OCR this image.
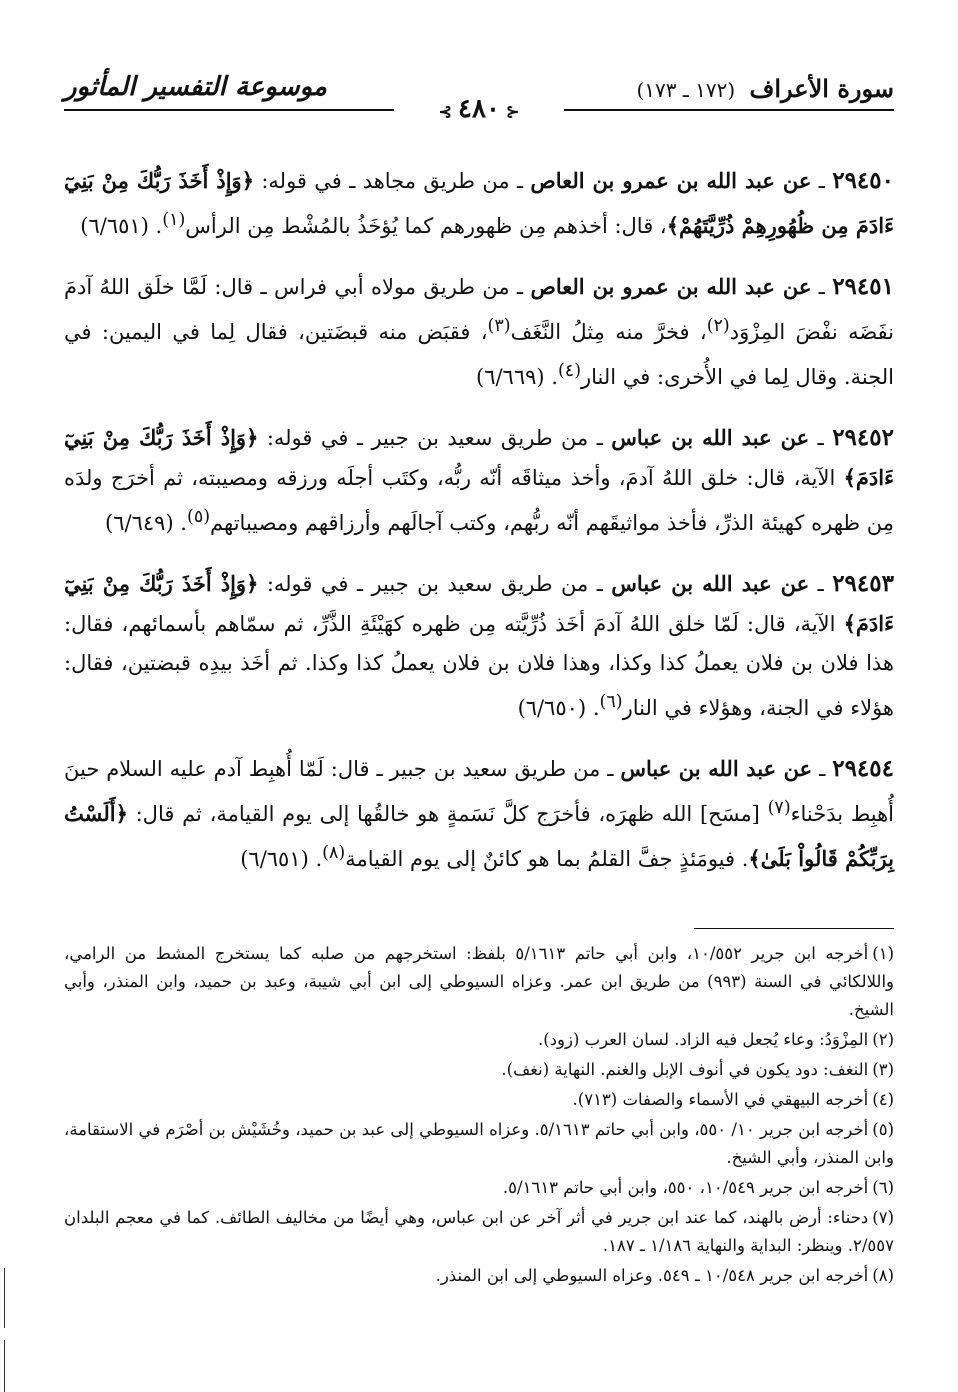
سورة الأعراف (١٧٢ ـ ١٧٣)
⊰٤٨٠⊱
موسوعة التفسير المأثور

٢٩٤٥٠ ـ عن عبد الله بن عمرو بن العاص ـ من طريق مجاهد ـ في قوله: ﴿وَإِذْ أَخَذَ رَبُّكَ مِنْ بَنِيٓ ءَادَمَ مِن ظُهُورِهِمْ ذُرِّيَّتَهُمْ﴾، قال: أخذهم مِن ظهورهم كما يُؤخَذُ بالمُشْط مِن الرأس$^{(١)}$. (٦/٦٥١)

٢٩٤٥١ ـ عن عبد الله بن عمرو بن العاص ـ من طريق مولاه أبي فراس ـ قال: لَمَّا خلَق اللهُ آدمَ نفَضَه نفْضَ المِزْوَد$^{(٢)}$، فخرَّ منه مِثلُ النَّغَف$^{(٣)}$، فقبَض منه قبضَتين، فقال لِما في اليمين: في الجنة. وقال لِما في الأُخرى: في النار$^{(٤)}$. (٦/٦٦٩)

٢٩٤٥٢ ـ عن عبد الله بن عباس ـ من طريق سعيد بن جبير ـ في قوله: ﴿وَإِذْ أَخَذَ رَبُّكَ مِنْ بَنِيٓ ءَادَمَ﴾ الآية، قال: خلق اللهُ آدمَ، وأخذ ميثاقَه أنّه ربُّه، وكتَب أجلَه ورزقه ومصيبته، ثم أخرَج ولدَه مِن ظهره كهيئة الذرِّ، فأخذ مواثيقَهم أنّه ربُّهم، وكتب آجالَهم وأرزاقهم ومصيباتهم$^{(٥)}$. (٦/٦٤٩)

٢٩٤٥٣ ـ عن عبد الله بن عباس ـ من طريق سعيد بن جبير ـ في قوله: ﴿وَإِذْ أَخَذَ رَبُّكَ مِنْ بَنِيٓ ءَادَمَ﴾ الآية، قال: لَمّا خلق اللهُ آدمَ أخَذ ذُرِّيَّته مِن ظهره كهَيْئَةِ الذَّرِّ، ثم سمّاهم بأسمائهم، فقال: هذا فلان بن فلان يعملُ كذا وكذا، وهذا فلان بن فلان يعملُ كذا وكذا. ثم أخَذ بيدِه قبضتين، فقال: هؤلاء في الجنة، وهؤلاء في النار$^{(٦)}$. (٦/٦٥٠)

٢٩٤٥٤ ـ عن عبد الله بن عباس ـ من طريق سعيد بن جبير ـ قال: لَمّا أُهبِط آدم عليه السلام حينَ أُهبِط بدَحْناء$^{(٧)}$ [مسَح] الله ظهرَه، فأخرَج كلَّ نَسَمةٍ هو خالقُها إلى يوم القيامة، ثم قال: ﴿أَلَسْتُ بِرَبِّكُمْ قَالُواْ بَلَىٰ﴾. فيومَئذٍ جفَّ القلمُ بما هو كائنٌ إلى يوم القيامة$^{(٨)}$. (٦/٦٥١)

(١)أخرجه ابن جرير ١٠/٥٥٢، وابن أبي حاتم ٥/١٦١٣ بلفظ: استخرجهم من صلبه كما يستخرج المشط من الرامي، واللالكائي في السنة (٩٩٣) من طريق ابن عمر. وعزاه السيوطي إلى ابن أبي شيبة، وعبد بن حميد، وابن المنذر، وأبي الشيخ.

(٢)المِزْوَدُ: وعاء يُجعل فيه الزاد. لسان العرب (زود).

(٣)النغف: دود يكون في أنوف الإبل والغنم. النهاية (نغف).

(٤)أخرجه البيهقي في الأسماء والصفات (٧١٣).

(٥)أخرجه ابن جرير ١٠/ ٥٥٠، وابن أبي حاتم ٥/١٦١٣. وعزاه السيوطي إلى عبد بن حميد، وخُشَيْش بن أصْرَم في الاستقامة، وابن المنذر، وأبي الشيخ.

(٦)أخرجه ابن جرير ١٠/٥٤٩، ٥٥٠، وابن أبي حاتم ٥/١٦١٣.

(٧)دحناء: أرض بالهند، كما عند ابن جرير في أثر آخر عن ابن عباس، وهي أيضًا من مخاليف الطائف. كما في معجم البلدان ٢/٥٥٧. وينظر: البداية والنهاية ١/١٨٦ ـ ١٨٧.

(٨)أخرجه ابن جرير ١٠/٥٤٨ ـ ٥٤٩. وعزاه السيوطي إلى ابن المنذر.
